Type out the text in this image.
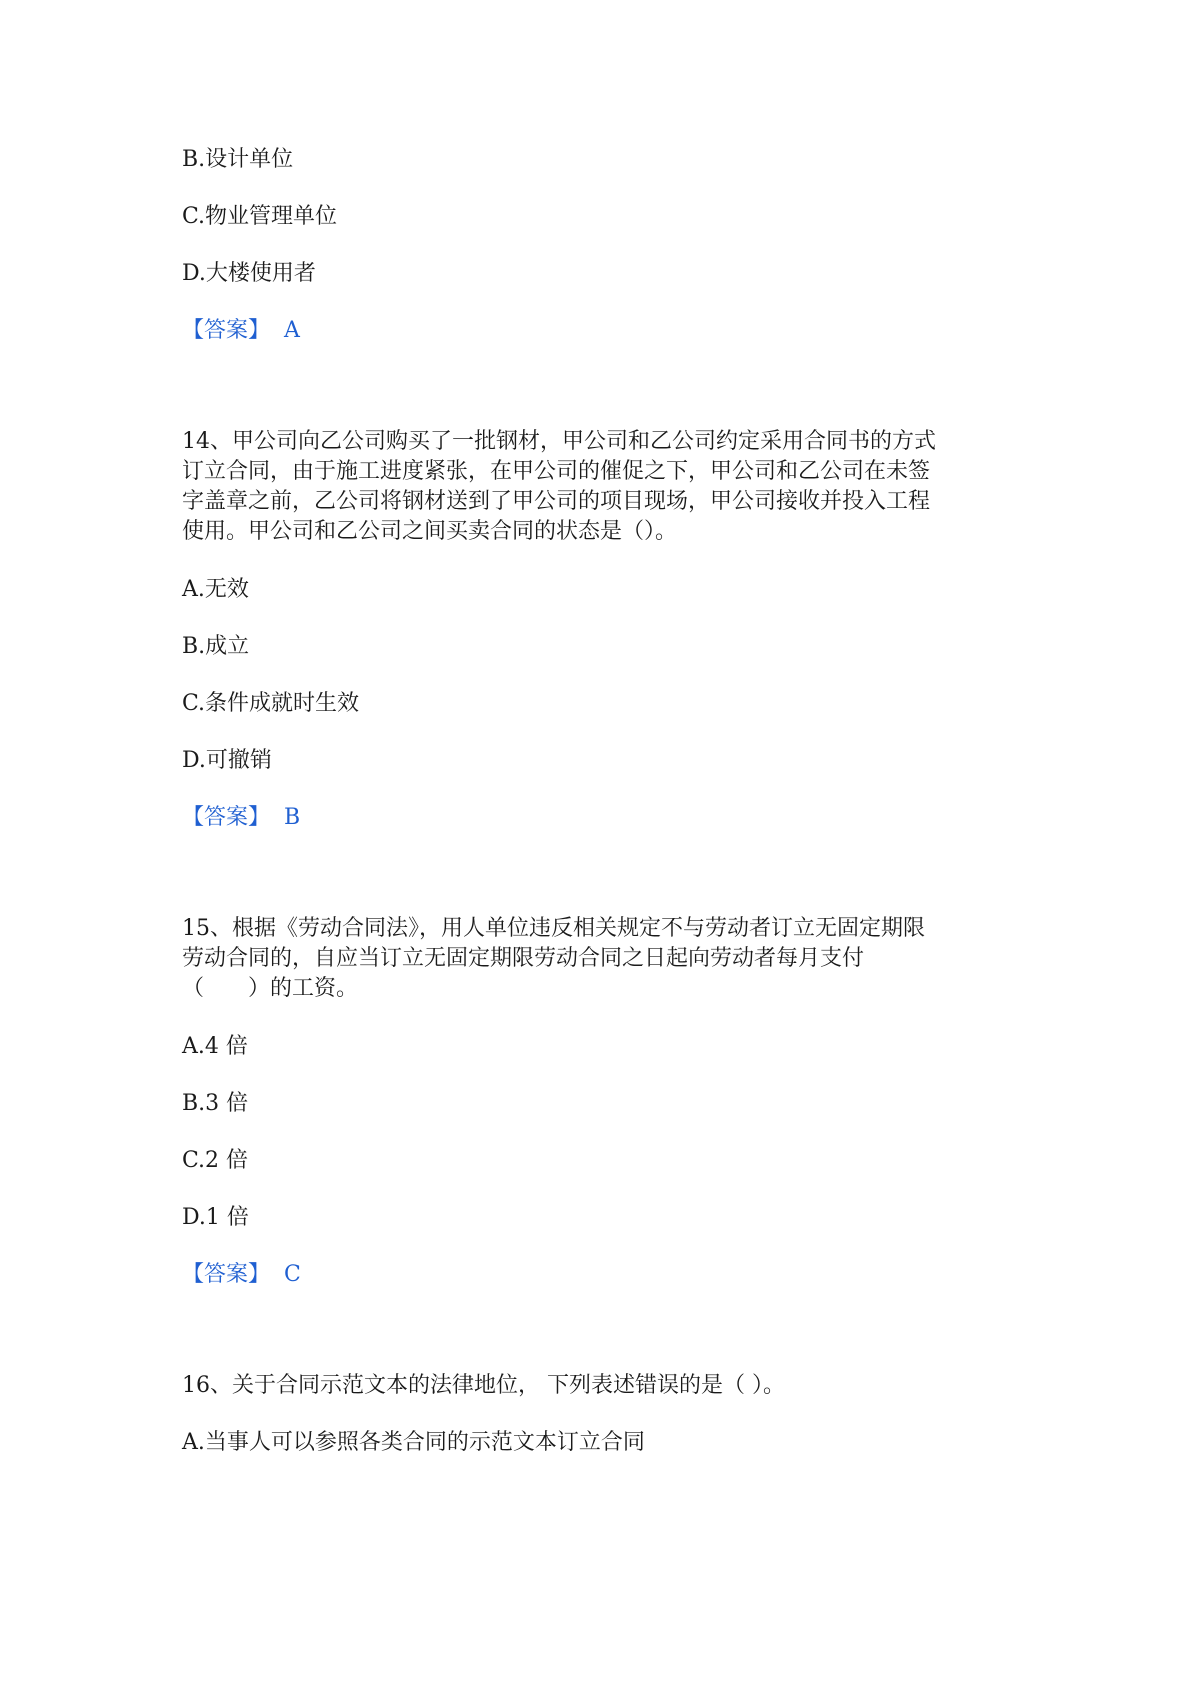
B.设计单位
C.物业管理单位
D.大楼使用者
【答案】 A
14、甲公司向乙公司购买了一批钢材，甲公司和乙公司约定采用合同书的方式
订立合同，由于施工进度紧张，在甲公司的催促之下，甲公司和乙公司在未签
字盖章之前，乙公司将钢材送到了甲公司的项目现场，甲公司接收并投入工程
使用。甲公司和乙公司之间买卖合同的状态是（）。
A.无效
B.成立
C.条件成就时生效
D.可撤销
【答案】 B
15、根据《劳动合同法》，用人单位违反相关规定不与劳动者订立无固定期限
劳动合同的，自应当订立无固定期限劳动合同之日起向劳动者每月支付
（　　）的工资。
A.4 倍
B.3 倍
C.2 倍
D.1 倍
【答案】 C
16、关于合同示范文本的法律地位， 下列表述错误的是（ ）。
A.当事人可以参照各类合同的示范文本订立合同
